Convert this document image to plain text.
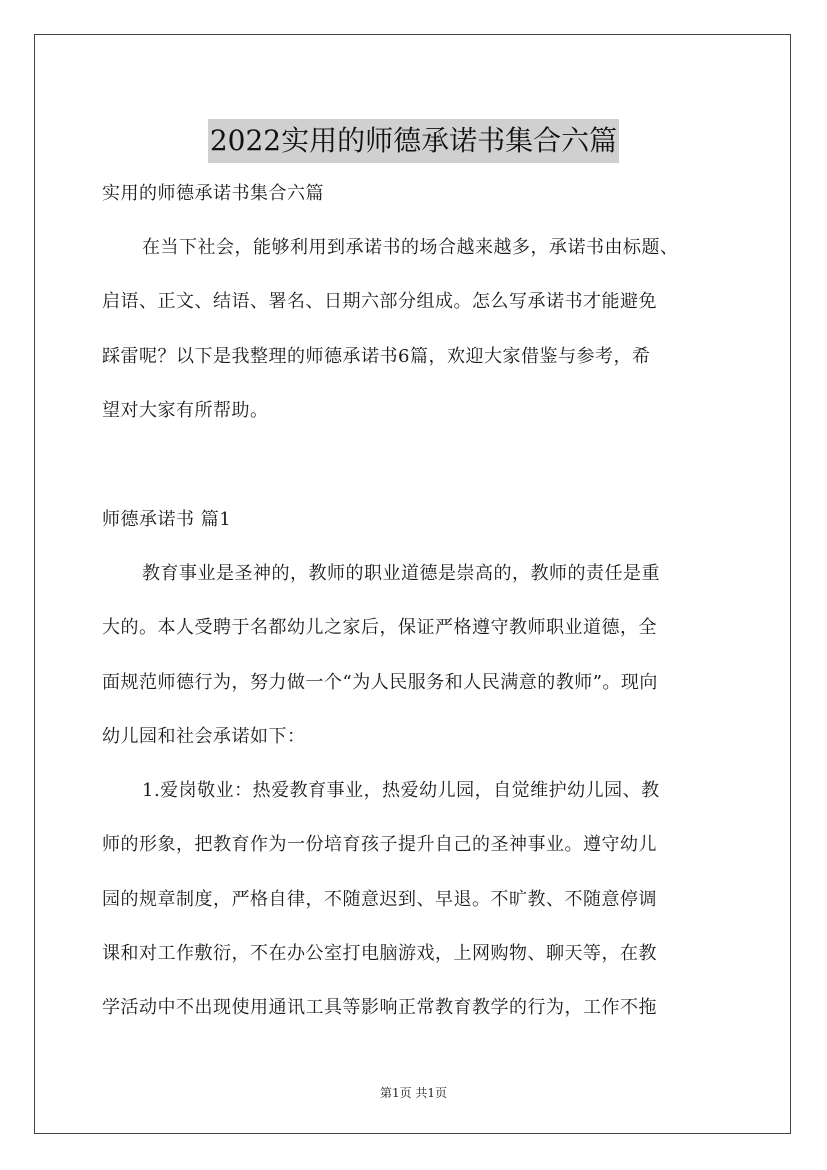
2022实用的师德承诺书集合六篇
实用的师德承诺书集合六篇
在当下社会，能够利用到承诺书的场合越来越多，承诺书由标题、
启语、正文、结语、署名、日期六部分组成。怎么写承诺书才能避免
踩雷呢？以下是我整理的师德承诺书6篇，欢迎大家借鉴与参考，希
望对大家有所帮助。
师德承诺书 篇1
教育事业是圣神的，教师的职业道德是崇高的，教师的责任是重
大的。本人受聘于名都幼儿之家后，保证严格遵守教师职业道德，全
面规范师德行为，努力做一个“为人民服务和人民满意的教师”。现向
幼儿园和社会承诺如下：
1.爱岗敬业：热爱教育事业，热爱幼儿园，自觉维护幼儿园、教
师的形象，把教育作为一份培育孩子提升自己的圣神事业。遵守幼儿
园的规章制度，严格自律，不随意迟到、早退。不旷教、不随意停调
课和对工作敷衍，不在办公室打电脑游戏，上网购物、聊天等，在教
学活动中不出现使用通讯工具等影响正常教育教学的行为，工作不拖
第1页 共1页
